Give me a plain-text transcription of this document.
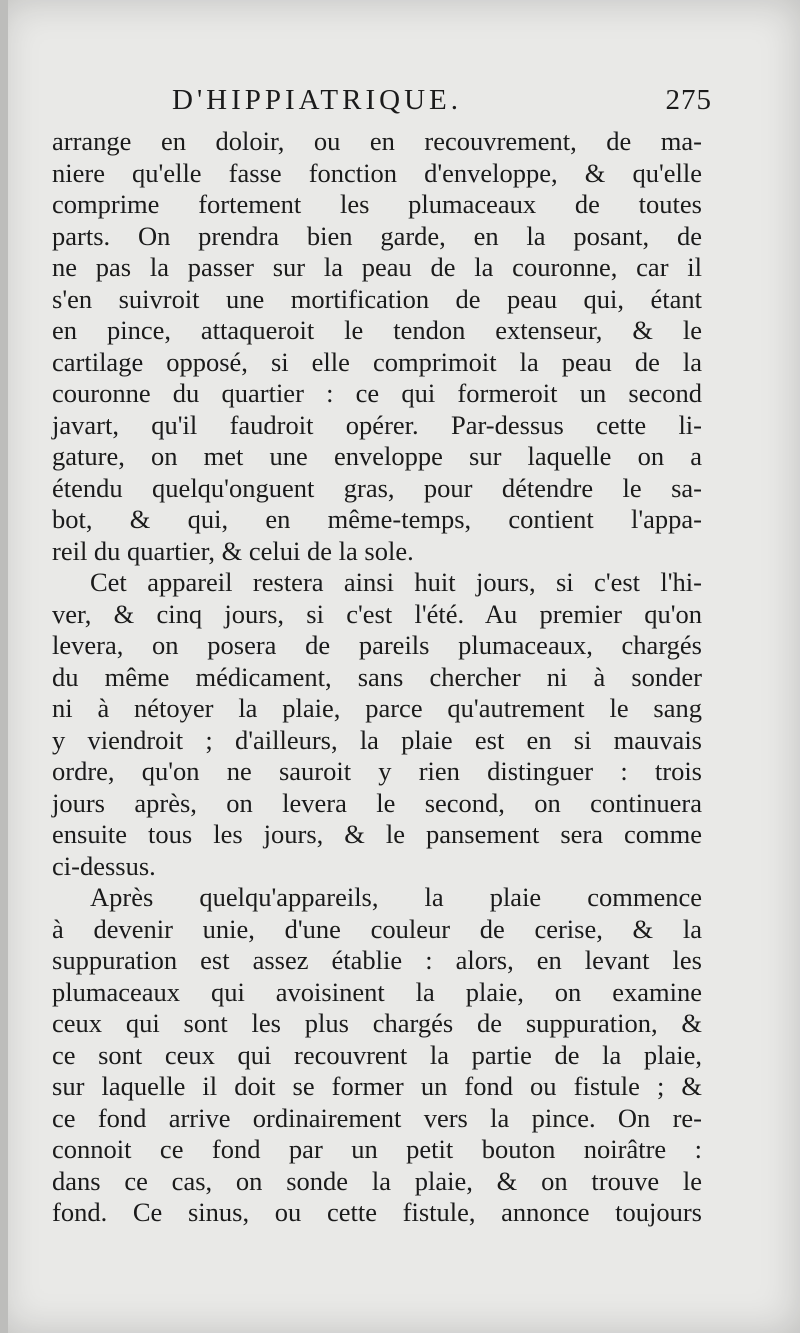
D'HIPPIATRIQUE.	275
arrange en doloir, ou en recouvrement, de ma-
niere qu'elle fasse fonction d'enveloppe, & qu'elle
comprime fortement les plumaceaux de toutes
parts. On prendra bien garde, en la posant, de
ne pas la passer sur la peau de la couronne, car il
s'en suivroit une mortification de peau qui, étant
en pince, attaqueroit le tendon extenseur, & le
cartilage opposé, si elle comprimoit la peau de la
couronne du quartier : ce qui formeroit un second
javart, qu'il faudroit opérer. Par-dessus cette li-
gature, on met une enveloppe sur laquelle on a
étendu quelqu'onguent gras, pour détendre le sa-
bot, & qui, en même-temps, contient l'appa-
reil du quartier, & celui de la sole.
Cet appareil restera ainsi huit jours, si c'est l'hi-
ver, & cinq jours, si c'est l'été. Au premier qu'on
levera, on posera de pareils plumaceaux, chargés
du même médicament, sans chercher ni à sonder
ni à nétoyer la plaie, parce qu'autrement le sang
y viendroit ; d'ailleurs, la plaie est en si mauvais
ordre, qu'on ne sauroit y rien distinguer : trois
jours après, on levera le second, on continuera
ensuite tous les jours, & le pansement sera comme
ci-dessus.
Après quelqu'appareils, la plaie commence
à devenir unie, d'une couleur de cerise, & la
suppuration est assez établie : alors, en levant les
plumaceaux qui avoisinent la plaie, on examine
ceux qui sont les plus chargés de suppuration, &
ce sont ceux qui recouvrent la partie de la plaie,
sur laquelle il doit se former un fond ou fistule ; &
ce fond arrive ordinairement vers la pince. On re-
connoit ce fond par un petit bouton noirâtre :
dans ce cas, on sonde la plaie, & on trouve le
fond. Ce sinus, ou cette fistule, annonce toujours
